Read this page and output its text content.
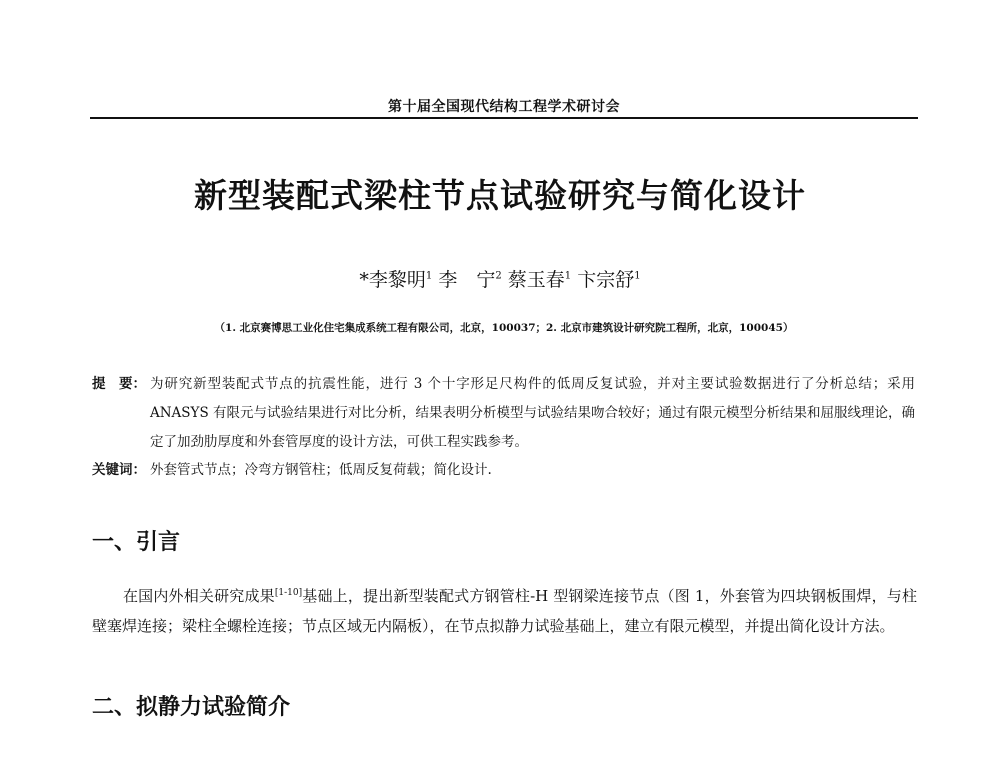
第十届全国现代结构工程学术研讨会
新型装配式梁柱节点试验研究与简化设计
*李黎明$^1$ 李　宁$^2$ 蔡玉春$^1$ 卞宗舒$^1$
（1. 北京赛博思工业化住宅集成系统工程有限公司，北京，100037；2. 北京市建筑设计研究院工程所，北京，100045）
提　要： 为研究新型装配式节点的抗震性能，进行 3 个十字形足尺构件的低周反复试验，并对主要试验数据进行了分析总结；采用 ANASYS 有限元与试验结果进行对比分析，结果表明分析模型与试验结果吻合较好；通过有限元模型分析结果和屈服线理论，确定了加劲肋厚度和外套管厚度的设计方法，可供工程实践参考。
关键词： 外套管式节点；冷弯方钢管柱；低周反复荷载；简化设计.
一、引言
在国内外相关研究成果[1-10]基础上，提出新型装配式方钢管柱-H 型钢梁连接节点（图 1，外套管为四块钢板围焊，与柱壁塞焊连接；梁柱全螺栓连接；节点区域无内隔板），在节点拟静力试验基础上，建立有限元模型，并提出简化设计方法。
二、拟静力试验简介
